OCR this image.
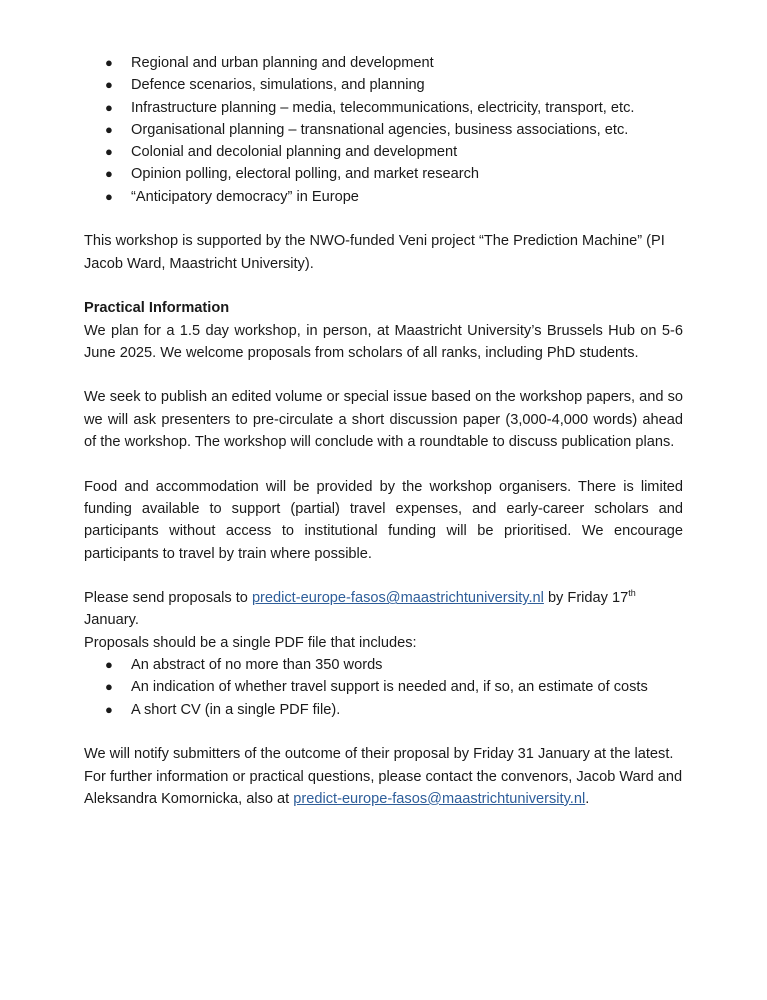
● Regional and urban planning and development
● Defence scenarios, simulations, and planning
● Infrastructure planning – media, telecommunications, electricity, transport, etc.
● Organisational planning – transnational agencies, business associations, etc.
● Colonial and decolonial planning and development
● Opinion polling, electoral polling, and market research
● “Anticipatory democracy” in Europe

This workshop is supported by the NWO-funded Veni project “The Prediction Machine” (PI Jacob Ward, Maastricht University).

Practical Information

We plan for a 1.5 day workshop, in person, at Maastricht University’s Brussels Hub on 5-6 June 2025. We welcome proposals from scholars of all ranks, including PhD students.

We seek to publish an edited volume or special issue based on the workshop papers, and so we will ask presenters to pre-circulate a short discussion paper (3,000-4,000 words) ahead of the workshop. The workshop will conclude with a roundtable to discuss publication plans.

Food and accommodation will be provided by the workshop organisers. There is limited funding available to support (partial) travel expenses, and early-career scholars and participants without access to institutional funding will be prioritised. We encourage participants to travel by train where possible.

Please send proposals to predict-europe-fasos@maastrichtuniversity.nl by Friday 17th January.

Proposals should be a single PDF file that includes:

● An abstract of no more than 350 words
● An indication of whether travel support is needed and, if so, an estimate of costs
● A short CV (in a single PDF file).

We will notify submitters of the outcome of their proposal by Friday 31 January at the latest. For further information or practical questions, please contact the convenors, Jacob Ward and Aleksandra Komornicka, also at predict-europe-fasos@maastrichtuniversity.nl.
